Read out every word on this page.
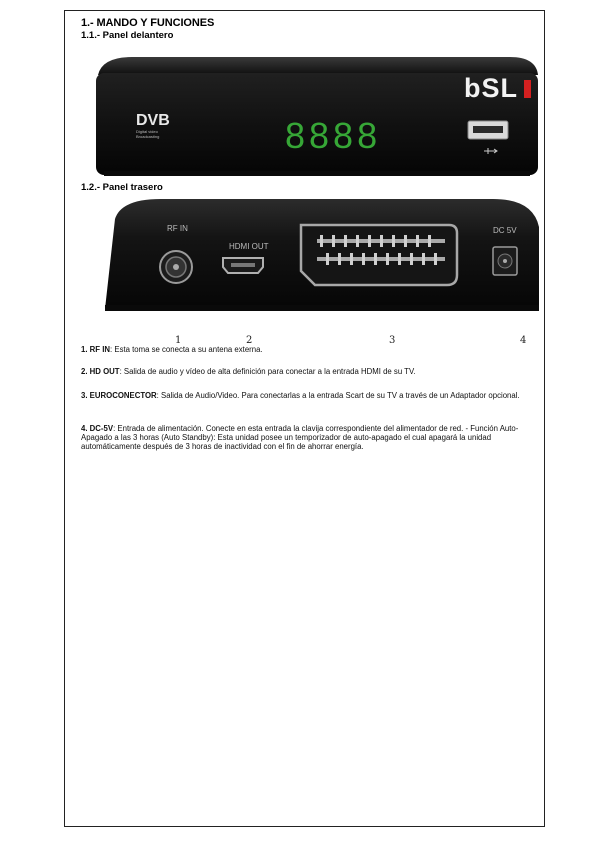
1.- MANDO Y FUNCIONES
1.1.- Panel delantero
DVB
Digital video
Broadcasting	8888
bSL
1.2.- Panel trasero
RF IN
HDMI OUT
DC 5V
1	2	3	4
1. RF IN: Esta toma se conecta a su antena externa.
2. HD OUT: Salida de audio y vídeo de alta definición para conectar a la entrada HDMI de su TV.
3. EUROCONECTOR: Salida de Audio/Video. Para conectarlas a la entrada Scart de su TV a través de un Adaptador opcional.
4. DC-5V: Entrada de alimentación. Conecte en esta entrada la clavija correspondiente del alimentador de red. - Función Auto-Apagado a las 3 horas (Auto Standby): Esta unidad posee un temporizador de auto-apagado el cual apagará la unidad automáticamente después de 3 horas de inactividad con el fin de ahorrar energía.
